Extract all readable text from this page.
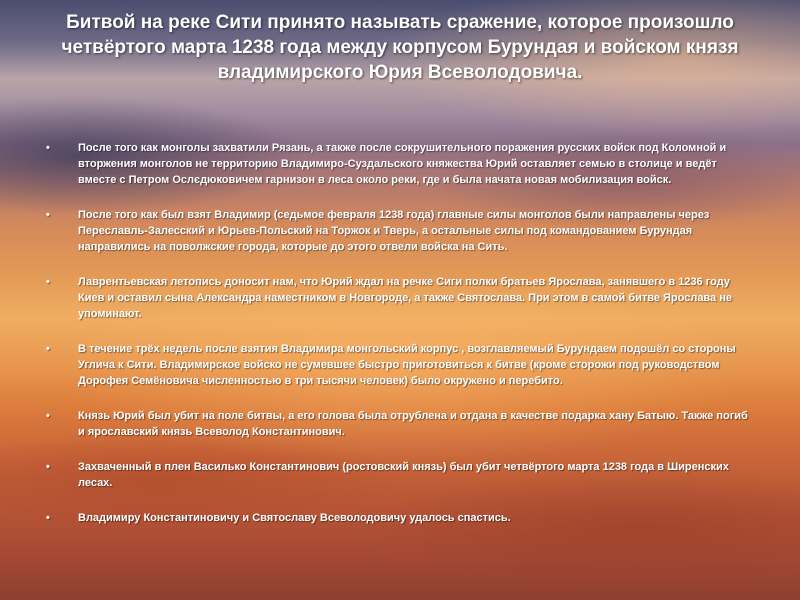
Битвой на реке Сити принято называть сражение, которое произошло четвёртого марта 1238 года между корпусом Бурундая и войском князя владимирского Юрия Всеволодовича.
•	После того как монголы захватили Рязань, а также после сокрушительного поражения русских войск под Коломной и вторжения монголов не территорию Владимиро-Суздальского княжества Юрий оставляет семью в столице и ведёт вместе с Петром Ослєдюковичем гарнизон в леса около реки, где и была начата новая мобилизация войск.
•	После того как был взят Владимир (седьмое февраля 1238 года) главные силы монголов были направлены через Переславль-Залесский и Юрьев-Польский на Торжок и Тверь, а остальные силы под командованием Бурундая направились на поволжские города, которые до этого отвели войска на Сить.
•	Лаврентьевская летопись доносит нам, что Юрий ждал на речке Сиги полки братьев Ярослава, занявшего в 1236 году Киев и оставил сына Александра наместником в Новгороде, а также Святослава. При этом в самой битве Ярослава не упоминают.
•	В течение трёх недель после взятия Владимира монгольский корпус , возглавляемый Бурундаем подошёл со стороны Углича к Сити. Владимирское войско не сумевшее быстро приготовиться к битве (кроме сторожи под руководством Дорофея Семёновича численностью в три тысячи человек) было окружено и перебито.
•	Князь Юрий был убит на поле битвы, а его голова была отрублена и отдана в качестве подарка хану Батыю. Также погиб и ярославский князь Всеволод Константинович.
•	Захваченный в плен Василько Константинович (ростовский князь) был убит четвёртого марта 1238 года в Ширенских лесах.
•	Владимиру Константиновичу и Святославу Всеволодовичу удалось спастись.
